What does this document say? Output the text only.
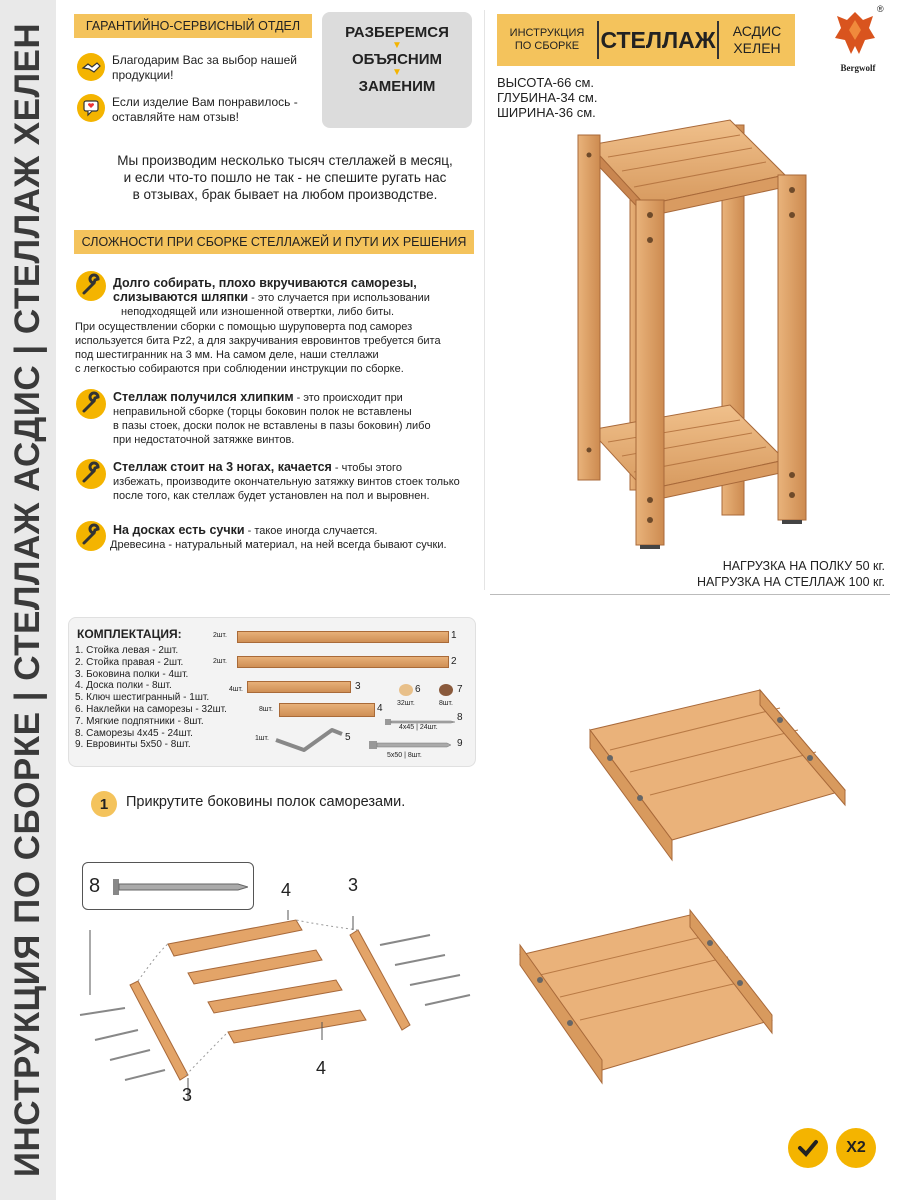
ИНСТРУКЦИЯ ПО СБОРКЕ | СТЕЛЛАЖ АСДИС | СТЕЛЛАЖ ХЕЛЕН	ГАРАНТИЙНО-СЕРВИСНЫЙ ОТДЕЛ
Благодарим Вас за выбор нашей
продукции!
Если изделие Вам понравилось -
оставляйте нам отзыв!
РАЗБЕРЕМСЯ
▼
ОБЪЯСНИМ
▼
ЗАМЕНИМ
ИНСТРУКЦИЯ
ПО СБОРКЕ СТЕЛЛАЖ	АСДИС
ХЕЛЕН
Bergwolf
®
ВЫСОТА-66 см.
ГЛУБИНА-34 см.
ШИРИНА-36 см.
Мы производим несколько тысяч стеллажей в месяц,
и если что-то пошло не так - не спешите ругать нас
в отзывах, брак бывает на любом производстве.
СЛОЖНОСТИ ПРИ СБОРКЕ СТЕЛЛАЖЕЙ И ПУТИ ИХ РЕШЕНИЯ
Долго собирать, плохо вкручиваются саморезы,
слизываются шляпки - это случается при использовании
неподходящей или изношенной отвертки, либо биты.
При осуществлении сборки с помощью шуруповерта под саморез
используется бита Pz2, а для закручивания евровинтов требуется бита
под шестигранник на 3 мм. На самом деле, наши стеллажи
с легкостью собираются при соблюдении инструкции по сборке.
Стеллаж получился хлипким - это происходит при
неправильной сборке (торцы боковин полок не вставлены
в пазы стоек, доски полок не вставлены в пазы боковин) либо
при недостаточной затяжке винтов.
Стеллаж стоит на 3 ногах, качается - чтобы этого
избежать, производите окончательную затяжку винтов стоек только
после того, как стеллаж будет установлен на пол и выровнен.
На досках есть сучки - такое иногда случается.
Древесина - натуральный материал, на ней всегда бывают сучки.
НАГРУЗКА НА ПОЛКУ 50 кг.
НАГРУЗКА НА СТЕЛЛАЖ 100 кг.
КОМПЛЕКТАЦИЯ:
1. Стойка левая - 2шт.
2. Стойка правая - 2шт.
3. Боковина полки - 4шт.
4. Доска полки - 8шт.
5. Ключ шестигранный - 1шт.
6. Наклейки на саморезы - 32шт.
7. Мягкие подпятники - 8шт.
8. Саморезы 4х45 - 24шт.
9. Евровинты 5х50 - 8шт.
2шт.	1
2шт.	2
4шт.	3
8шт.	4
1шт.	5
6
32шт.
7
8шт.
8
4х45 | 24шт.
9
5х50 | 8шт.
1	Прикрутите боковины полок саморезами.
8	4	3
3
4
X2
